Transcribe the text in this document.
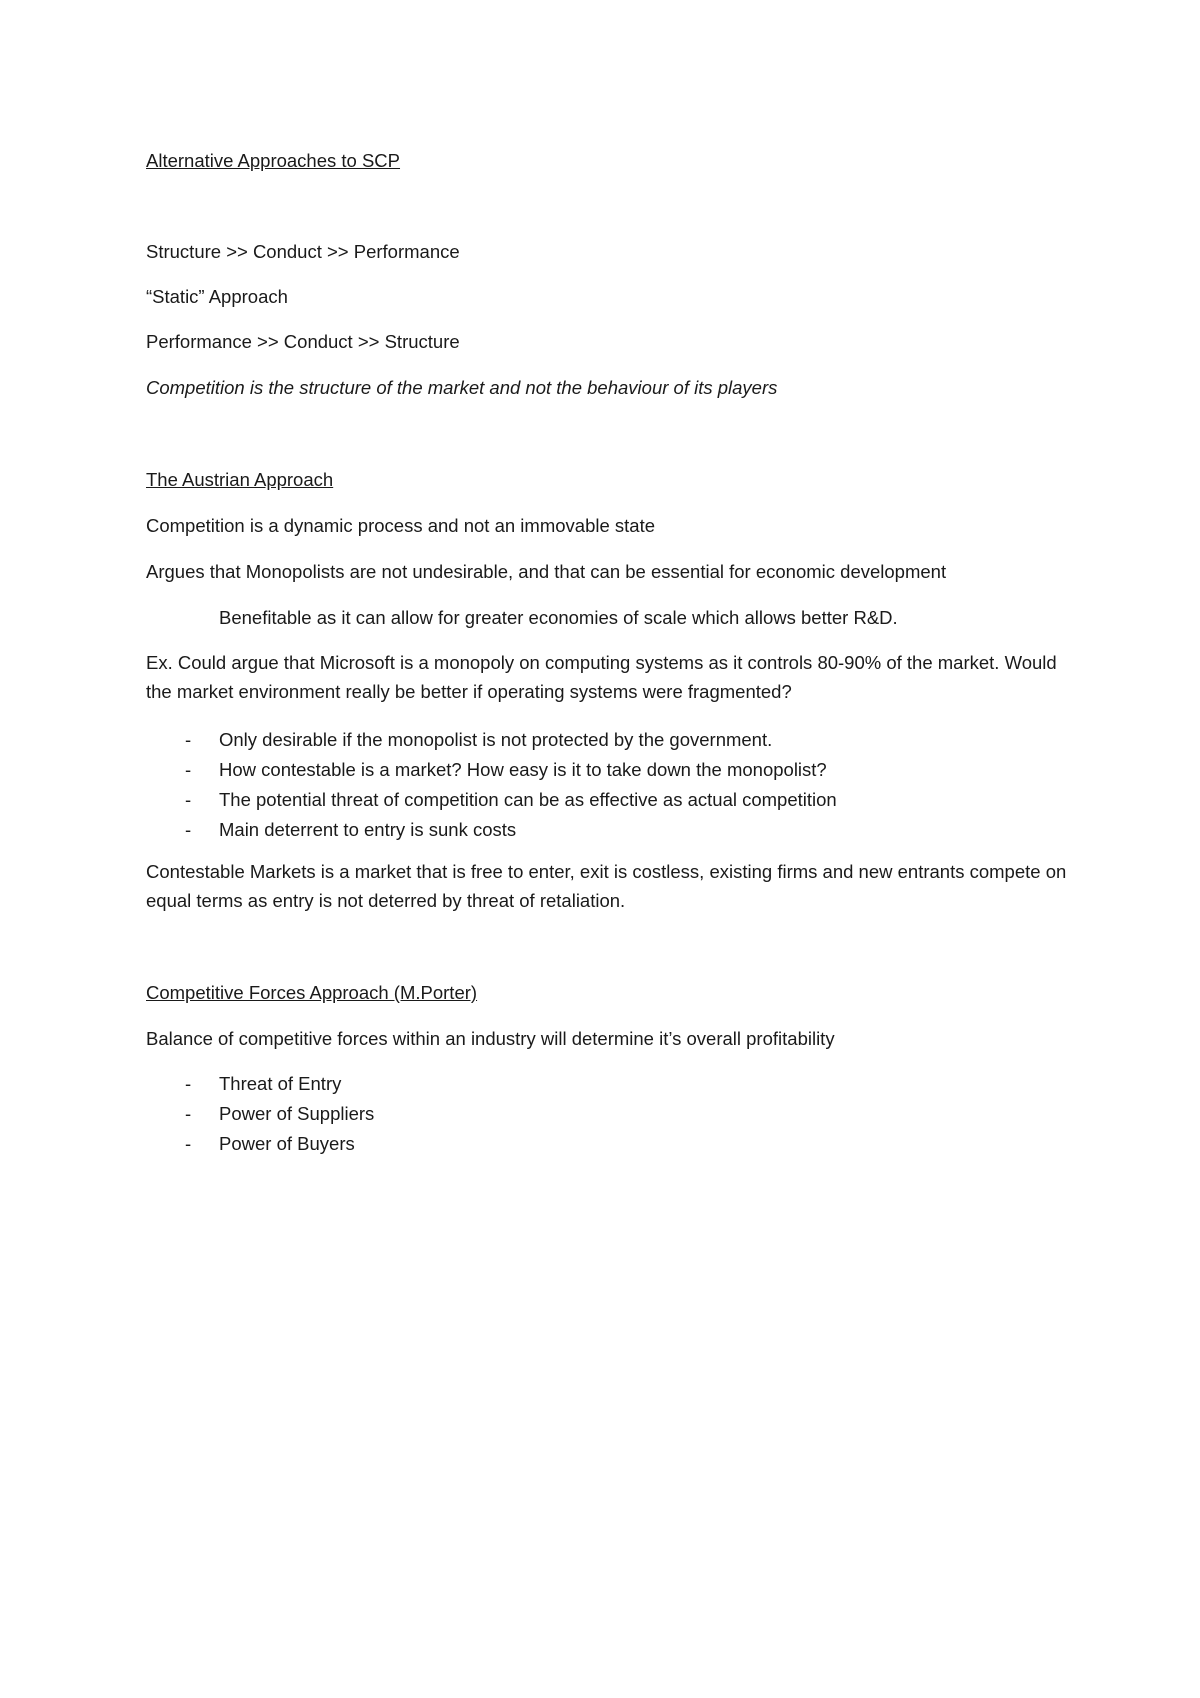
Alternative Approaches to SCP
Structure >> Conduct >> Performance
“Static” Approach
Performance >> Conduct >> Structure
Competition is the structure of the market and not the behaviour of its players
The Austrian Approach
Competition is a dynamic process and not an immovable state
Argues that Monopolists are not undesirable, and that can be essential for economic development
Benefitable as it can allow for greater economies of scale which allows better R&D.
Ex. Could argue that Microsoft is a monopoly on computing systems as it controls 80-90% of the market. Would the market environment really be better if operating systems were fragmented?
- Only desirable if the monopolist is not protected by the government.
- How contestable is a market? How easy is it to take down the monopolist?
- The potential threat of competition can be as effective as actual competition
- Main deterrent to entry is sunk costs
Contestable Markets is a market that is free to enter, exit is costless, existing firms and new entrants compete on equal terms as entry is not deterred by threat of retaliation.
Competitive Forces Approach (M.Porter)
Balance of competitive forces within an industry will determine it’s overall profitability
- Threat of Entry
- Power of Suppliers
- Power of Buyers
